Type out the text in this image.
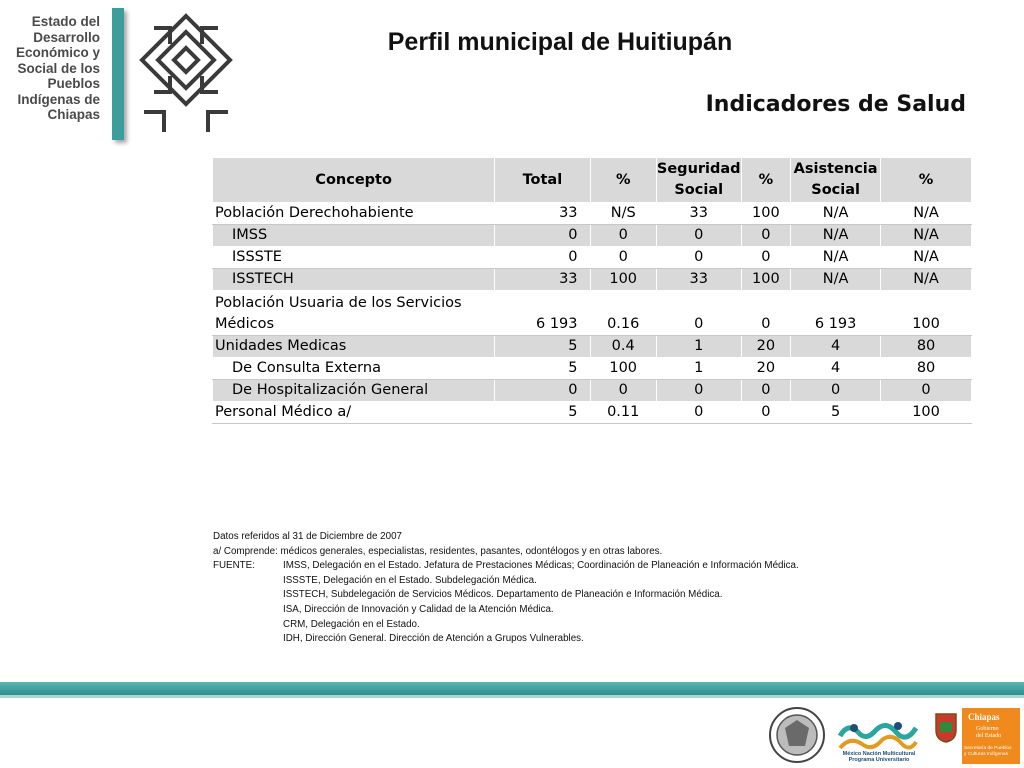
Estado del
Desarrollo
Económico y
Social de los
Pueblos
Indígenas de
Chiapas
Perfil municipal de Huitiupán
Indicadores de Salud
Concepto	Total	%	Seguridad Social	%	Asistencia Social	%
Población Derechohabiente	33	N/S	33	100	N/A	N/A
IMSS	0	0	0	0	N/A	N/A
ISSSTE	0	0	0	0	N/A	N/A
ISSTECH	33	100	33	100	N/A	N/A
Población Usuaria de los Servicios Médicos	6 193	0.16	0	0	6 193	100
Unidades Medicas	5	0.4	1	20	4	80
De Consulta Externa	5	100	1	20	4	80
De Hospitalización General	0	0	0	0	0	0
Personal Médico a/	5	0.11	0	0	5	100
Datos referidos al 31 de Diciembre de 2007
a/ Comprende: médicos generales, especialistas, residentes, pasantes, odontélogos y en otras labores.
FUENTE:	IMSS, Delegación en el Estado. Jefatura de Prestaciones Médicas; Coordinación de Planeación e Información Médica.
ISSSTE, Delegación en el Estado. Subdelegación Médica.
ISSTECH, Subdelegación de Servicios Médicos. Departamento de Planeación e Información Médica.
ISA, Dirección de Innovación y Calidad de la Atención Médica.
CRM, Delegación en el Estado.
IDH, Dirección General. Dirección de Atención a Grupos Vulnerables.
México Nación Multicultural
Programa Universitario
Chiapas
Gobierno
del Estado
Secretaría de Pueblos
y Culturas Indígenas
